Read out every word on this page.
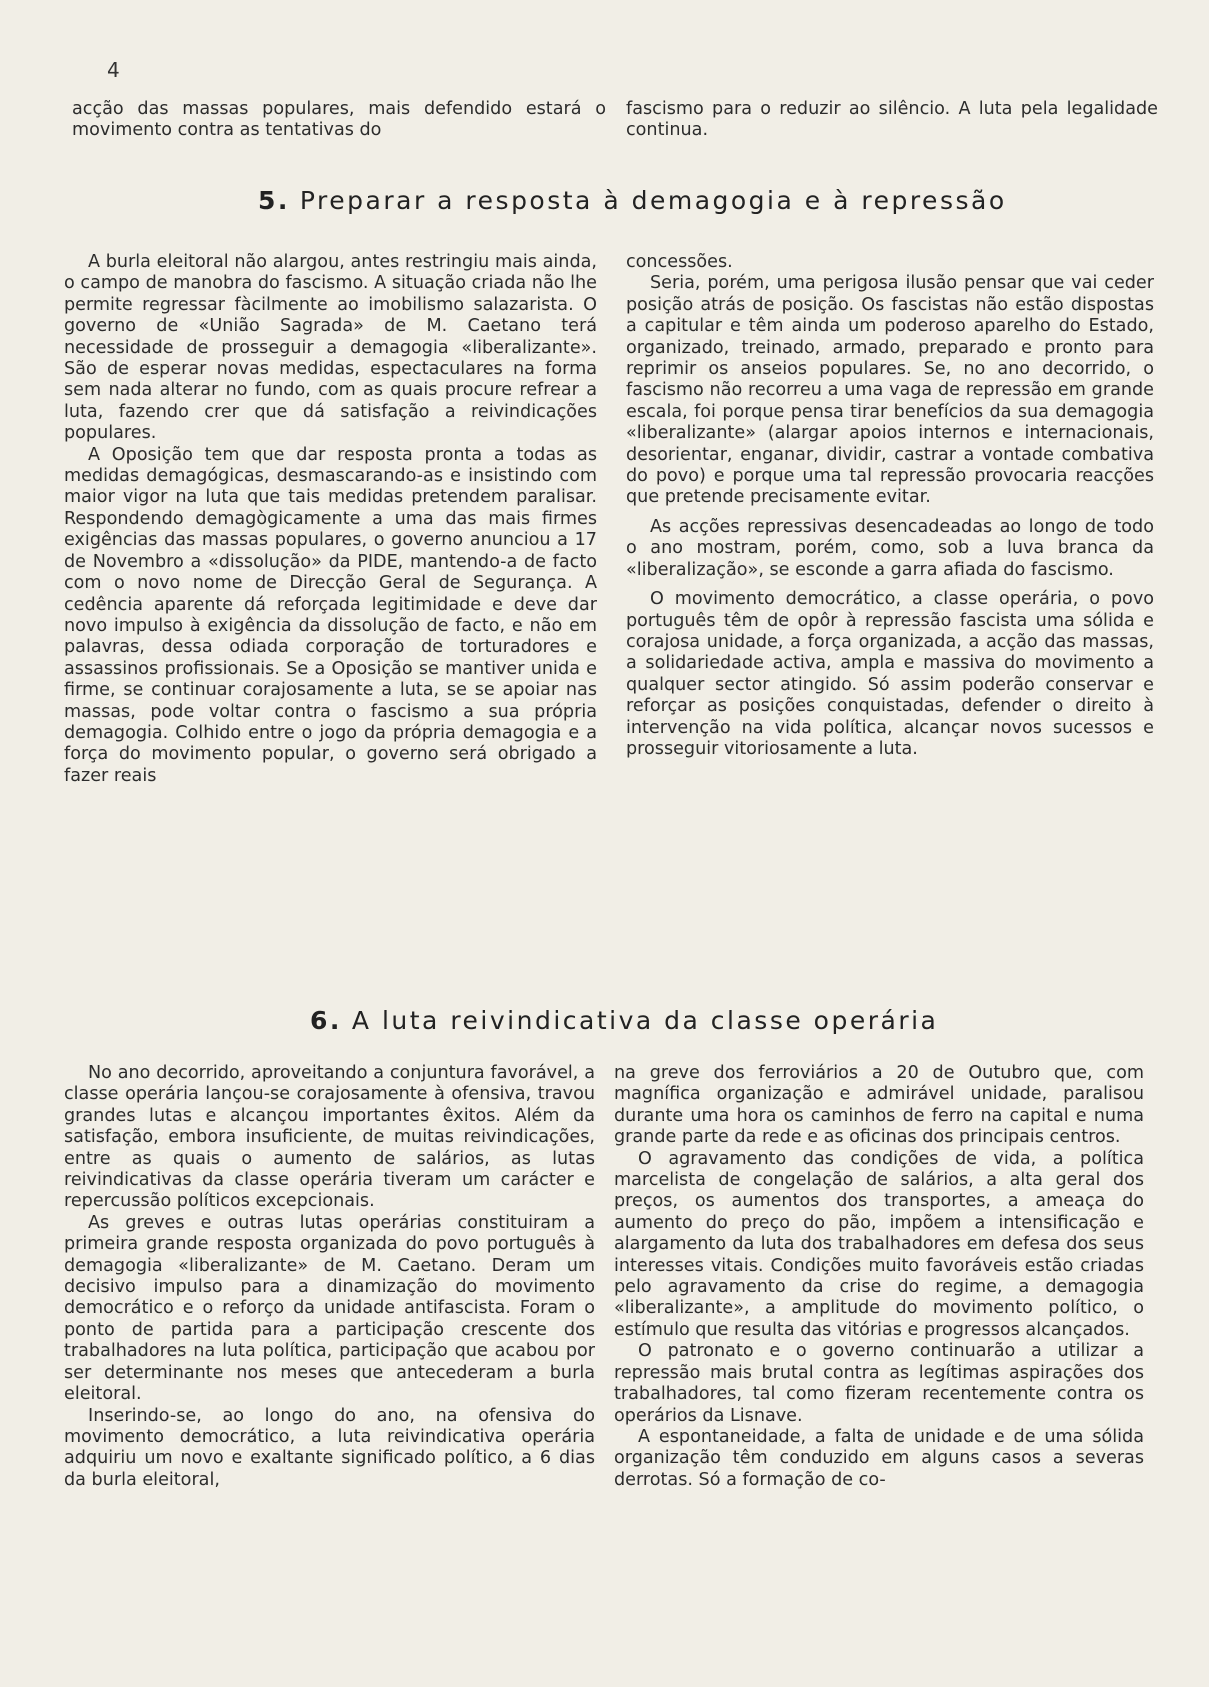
4

acção das massas populares, mais defendido estará o movimento contra as tentativas do

fascismo para o reduzir ao silêncio. A luta pela legalidade continua.

5. Preparar a resposta à demagogia e à repressão

A burla eleitoral não alargou, antes restringiu mais ainda, o campo de manobra do fascismo. A situação criada não lhe permite regressar fàcilmente ao imobilismo salazarista. O governo de «União Sagrada» de M. Caetano terá necessidade de prosseguir a demagogia «liberalizante». São de esperar novas medidas, espectaculares na forma sem nada alterar no fundo, com as quais procure refrear a luta, fazendo crer que dá satisfação a reivindicações populares.

A Oposição tem que dar resposta pronta a todas as medidas demagógicas, desmascarando-as e insistindo com maior vigor na luta que tais medidas pretendem paralisar. Respondendo demagògicamente a uma das mais firmes exigências das massas populares, o governo anunciou a 17 de Novembro a «dissolução» da PIDE, mantendo-a de facto com o novo nome de Direcção Geral de Segurança. A cedência aparente dá reforçada legitimidade e deve dar novo impulso à exigência da dissolução de facto, e não em palavras, dessa odiada corporação de torturadores e assassinos profissionais. Se a Oposição se mantiver unida e firme, se continuar corajosamente a luta, se se apoiar nas massas, pode voltar contra o fascismo a sua própria demagogia. Colhido entre o jogo da própria demagogia e a força do movimento popular, o governo será obrigado a fazer reais

concessões.

Seria, porém, uma perigosa ilusão pensar que vai ceder posição atrás de posição. Os fascistas não estão dispostas a capitular e têm ainda um poderoso aparelho do Estado, organizado, treinado, armado, preparado e pronto para reprimir os anseios populares. Se, no ano decorrido, o fascismo não recorreu a uma vaga de repressão em grande escala, foi porque pensa tirar benefícios da sua demagogia «liberalizante» (alargar apoios internos e internacionais, desorientar, enganar, dividir, castrar a vontade combativa do povo) e porque uma tal repressão provocaria reacções que pretende precisamente evitar.

As acções repressivas desencadeadas ao longo de todo o ano mostram, porém, como, sob a luva branca da «liberalização», se esconde a garra afiada do fascismo.

O movimento democrático, a classe operária, o povo português têm de opôr à repressão fascista uma sólida e corajosa unidade, a força organizada, a acção das massas, a solidariedade activa, ampla e massiva do movimento a qualquer sector atingido. Só assim poderão conservar e reforçar as posições conquistadas, defender o direito à intervenção na vida política, alcançar novos sucessos e prosseguir vitoriosamente a luta.

6. A luta reivindicativa da classe operária

No ano decorrido, aproveitando a conjuntura favorável, a classe operária lançou-se corajosamente à ofensiva, travou grandes lutas e alcançou importantes êxitos. Além da satisfação, embora insuficiente, de muitas reivindicações, entre as quais o aumento de salários, as lutas reivindicativas da classe operária tiveram um carácter e repercussão políticos excepcionais.

As greves e outras lutas operárias constituiram a primeira grande resposta organizada do povo português à demagogia «liberalizante» de M. Caetano. Deram um decisivo impulso para a dinamização do movimento democrático e o reforço da unidade antifascista. Foram o ponto de partida para a participação crescente dos trabalhadores na luta política, participação que acabou por ser determinante nos meses que antecederam a burla eleitoral.

Inserindo-se, ao longo do ano, na ofensiva do movimento democrático, a luta reivindicativa operária adquiriu um novo e exaltante significado político, a 6 dias da burla eleitoral,

na greve dos ferroviários a 20 de Outubro que, com magnífica organização e admirável unidade, paralisou durante uma hora os caminhos de ferro na capital e numa grande parte da rede e as oficinas dos principais centros.

O agravamento das condições de vida, a política marcelista de congelação de salários, a alta geral dos preços, os aumentos dos transportes, a ameaça do aumento do preço do pão, impõem a intensificação e alargamento da luta dos trabalhadores em defesa dos seus interesses vitais. Condições muito favoráveis estão criadas pelo agravamento da crise do regime, a demagogia «liberalizante», a amplitude do movimento político, o estímulo que resulta das vitórias e progressos alcançados.

O patronato e o governo continuarão a utilizar a repressão mais brutal contra as legítimas aspirações dos trabalhadores, tal como fizeram recentemente contra os operários da Lisnave.

A espontaneidade, a falta de unidade e de uma sólida organização têm conduzido em alguns casos a severas derrotas. Só a formação de co-
